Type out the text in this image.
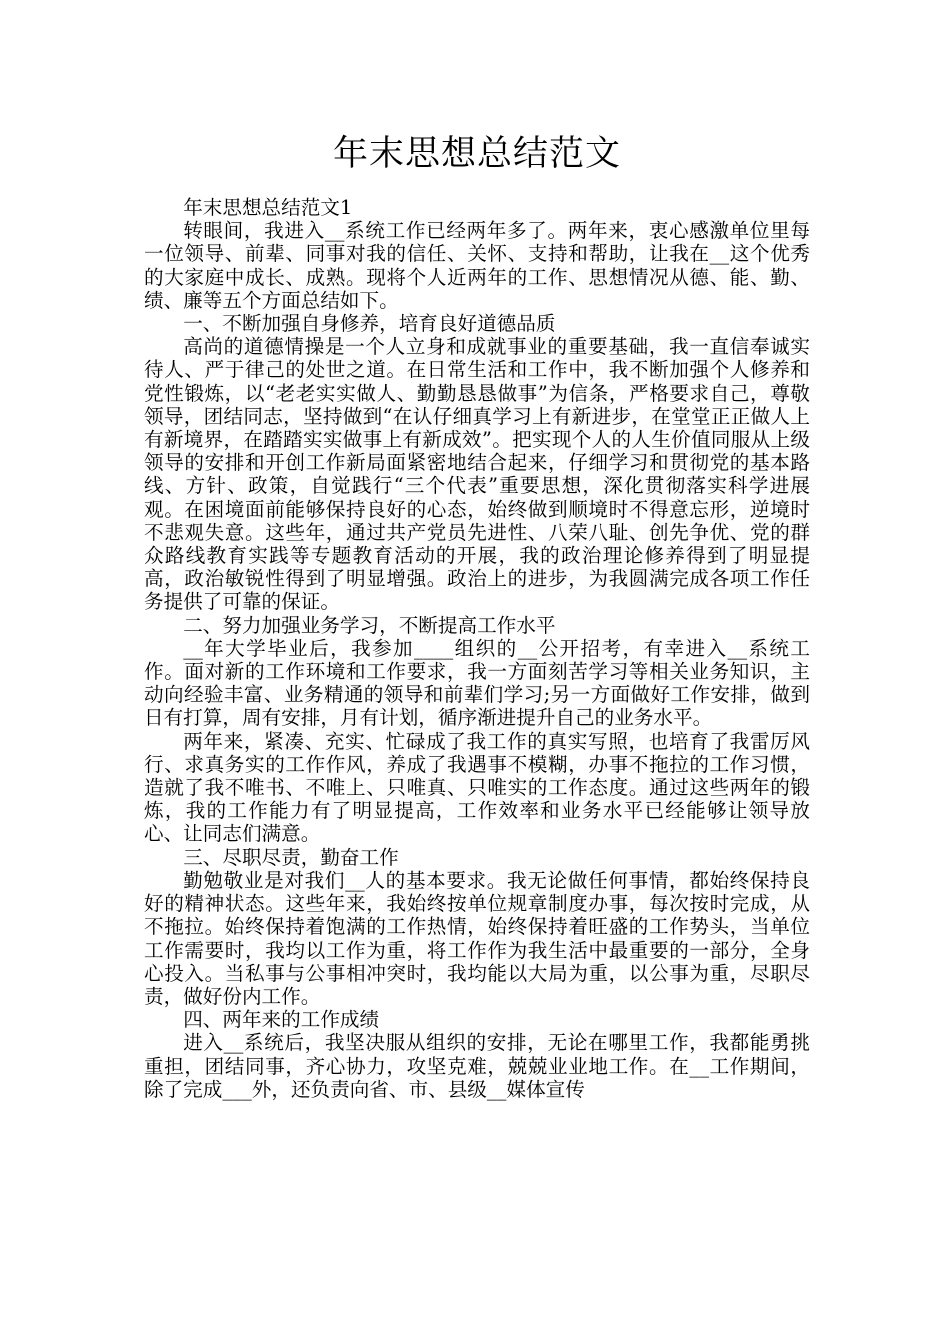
年末思想总结范文

年末思想总结范文1

转眼间，我进入__系统工作已经两年多了。两年来，衷心感激单位里每一位领导、前辈、同事对我的信任、关怀、支持和帮助，让我在__这个优秀的大家庭中成长、成熟。现将个人近两年的工作、思想情况从德、能、勤、绩、廉等五个方面总结如下。

一、不断加强自身修养，培育良好道德品质

高尚的道德情操是一个人立身和成就事业的重要基础，我一直信奉诚实待人、严于律己的处世之道。在日常生活和工作中，我不断加强个人修养和党性锻炼，以“老老实实做人、勤勤恳恳做事”为信条，严格要求自己，尊敬领导，团结同志，坚持做到“在认仔细真学习上有新进步，在堂堂正正做人上有新境界，在踏踏实实做事上有新成效”。把实现个人的人生价值同服从上级领导的安排和开创工作新局面紧密地结合起来，仔细学习和贯彻党的基本路线、方针、政策，自觉践行“三个代表”重要思想，深化贯彻落实科学进展观。在困境面前能够保持良好的心态，始终做到顺境时不得意忘形，逆境时不悲观失意。这些年，通过共产党员先进性、八荣八耻、创先争优、党的群众路线教育实践等专题教育活动的开展，我的政治理论修养得到了明显提高，政治敏锐性得到了明显增强。政治上的进步，为我圆满完成各项工作任务提供了可靠的保证。

二、努力加强业务学习，不断提高工作水平

__年大学毕业后，我参加____组织的__公开招考，有幸进入__系统工作。面对新的工作环境和工作要求，我一方面刻苦学习等相关业务知识，主动向经验丰富、业务精通的领导和前辈们学习;另一方面做好工作安排，做到日有打算，周有安排，月有计划，循序渐进提升自己的业务水平。

两年来，紧凑、充实、忙碌成了我工作的真实写照，也培育了我雷厉风行、求真务实的工作作风，养成了我遇事不模糊，办事不拖拉的工作习惯，造就了我不唯书、不唯上、只唯真、只唯实的工作态度。通过这些两年的锻炼，我的工作能力有了明显提高，工作效率和业务水平已经能够让领导放心、让同志们满意。

三、尽职尽责，勤奋工作

勤勉敬业是对我们__人的基本要求。我无论做任何事情，都始终保持良好的精神状态。这些年来，我始终按单位规章制度办事，每次按时完成，从不拖拉。始终保持着饱满的工作热情，始终保持着旺盛的工作势头，当单位工作需要时，我均以工作为重，将工作作为我生活中最重要的一部分，全身心投入。当私事与公事相冲突时，我均能以大局为重，以公事为重，尽职尽责，做好份内工作。

四、两年来的工作成绩

进入__系统后，我坚决服从组织的安排，无论在哪里工作，我都能勇挑重担，团结同事，齐心协力，攻坚克难，兢兢业业地工作。在__工作期间，除了完成___外，还负责向省、市、县级__媒体宣传
